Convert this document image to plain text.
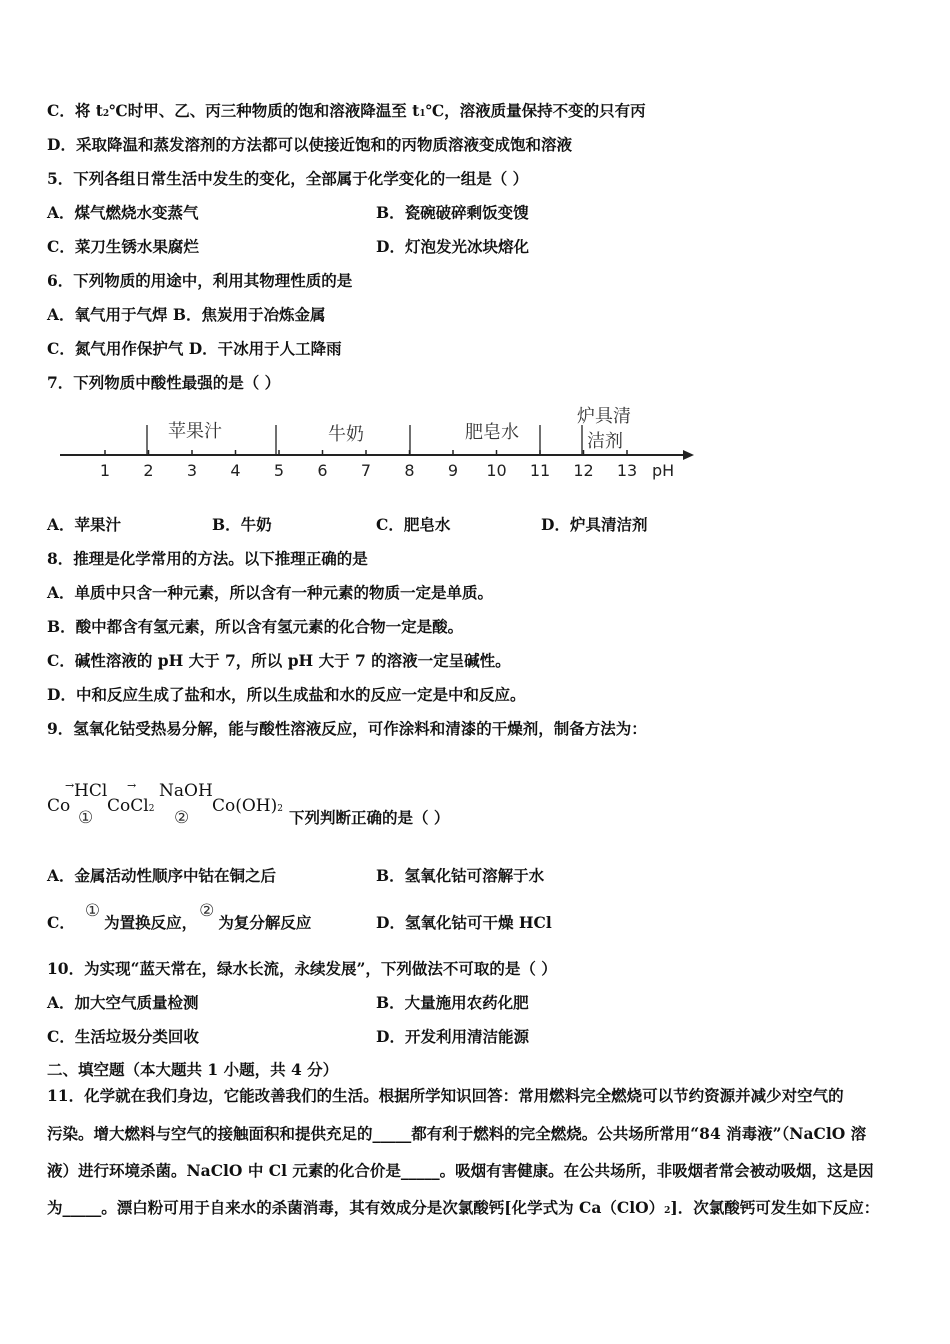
C．将 t2℃时甲、乙、丙三种物质的饱和溶液降温至 t1℃，溶液质量保持不变的只有丙
D．采取降温和蒸发溶剂的方法都可以使接近饱和的丙物质溶液变成饱和溶液
5．下列各组日常生活中发生的变化，全部属于化学变化的一组是（ ）
A．煤气燃烧水变蒸气	B．瓷碗破碎剩饭变馊
C．菜刀生锈水果腐烂	D．灯泡发光冰块熔化
6．下列物质的用途中，利用其物理性质的是
A．氧气用于气焊 B．焦炭用于冶炼金属
C．氮气用作保护气 D．干冰用于人工降雨
7．下列物质中酸性最强的是（ ）
1 2 3 4 5 6 7 8 9 10 11 12 13 pH
苹果汁	牛奶	肥皂水
炉具清
洁剂
A．苹果汁	B．牛奶	C．肥皂水	D．炉具清洁剂
8．推理是化学常用的方法。以下推理正确的是
A．单质中只含一种元素，所以含有一种元素的物质一定是单质。
B．酸中都含有氢元素，所以含有氢元素的化合物一定是酸。
C．碱性溶液的 pH 大于 7，所以 pH 大于 7 的溶液一定呈碱性。
D．中和反应生成了盐和水，所以生成盐和水的反应一定是中和反应。
9．氢氧化钴受热易分解，能与酸性溶液反应，可作涂料和清漆的干燥剂，制备方法为：
Co
→ HCl
①
CoCl2
→ NaOH
②
Co(OH)2 下列判断正确的是（ ）
A．金属活动性顺序中钴在铜之后	B．氢氧化钴可溶解于水
C．①为置换反应，②为复分解反应	D．氢氧化钴可干燥 HCl
10．为实现“蓝天常在，绿水长流，永续发展”，下列做法不可取的是（ ）
A．加大空气质量检测	B．大量施用农药化肥
C．生活垃圾分类回收	D．开发利用清洁能源
二、填空题（本大题共 1 小题，共 4 分）
11．化学就在我们身边，它能改善我们的生活。根据所学知识回答：常用燃料完全燃烧可以节约资源并减少对空气的
污染。增大燃料与空气的接触面积和提供充足的_____都有利于燃料的完全燃烧。公共场所常用“84 消毒液”（NaClO 溶
液）进行环境杀菌。NaClO 中 Cl 元素的化合价是_____。吸烟有害健康。在公共场所，非吸烟者常会被动吸烟，这是因
为_____。漂白粉可用于自来水的杀菌消毒，其有效成分是次氯酸钙[化学式为 Ca（ClO）2]．次氯酸钙可发生如下反应：
